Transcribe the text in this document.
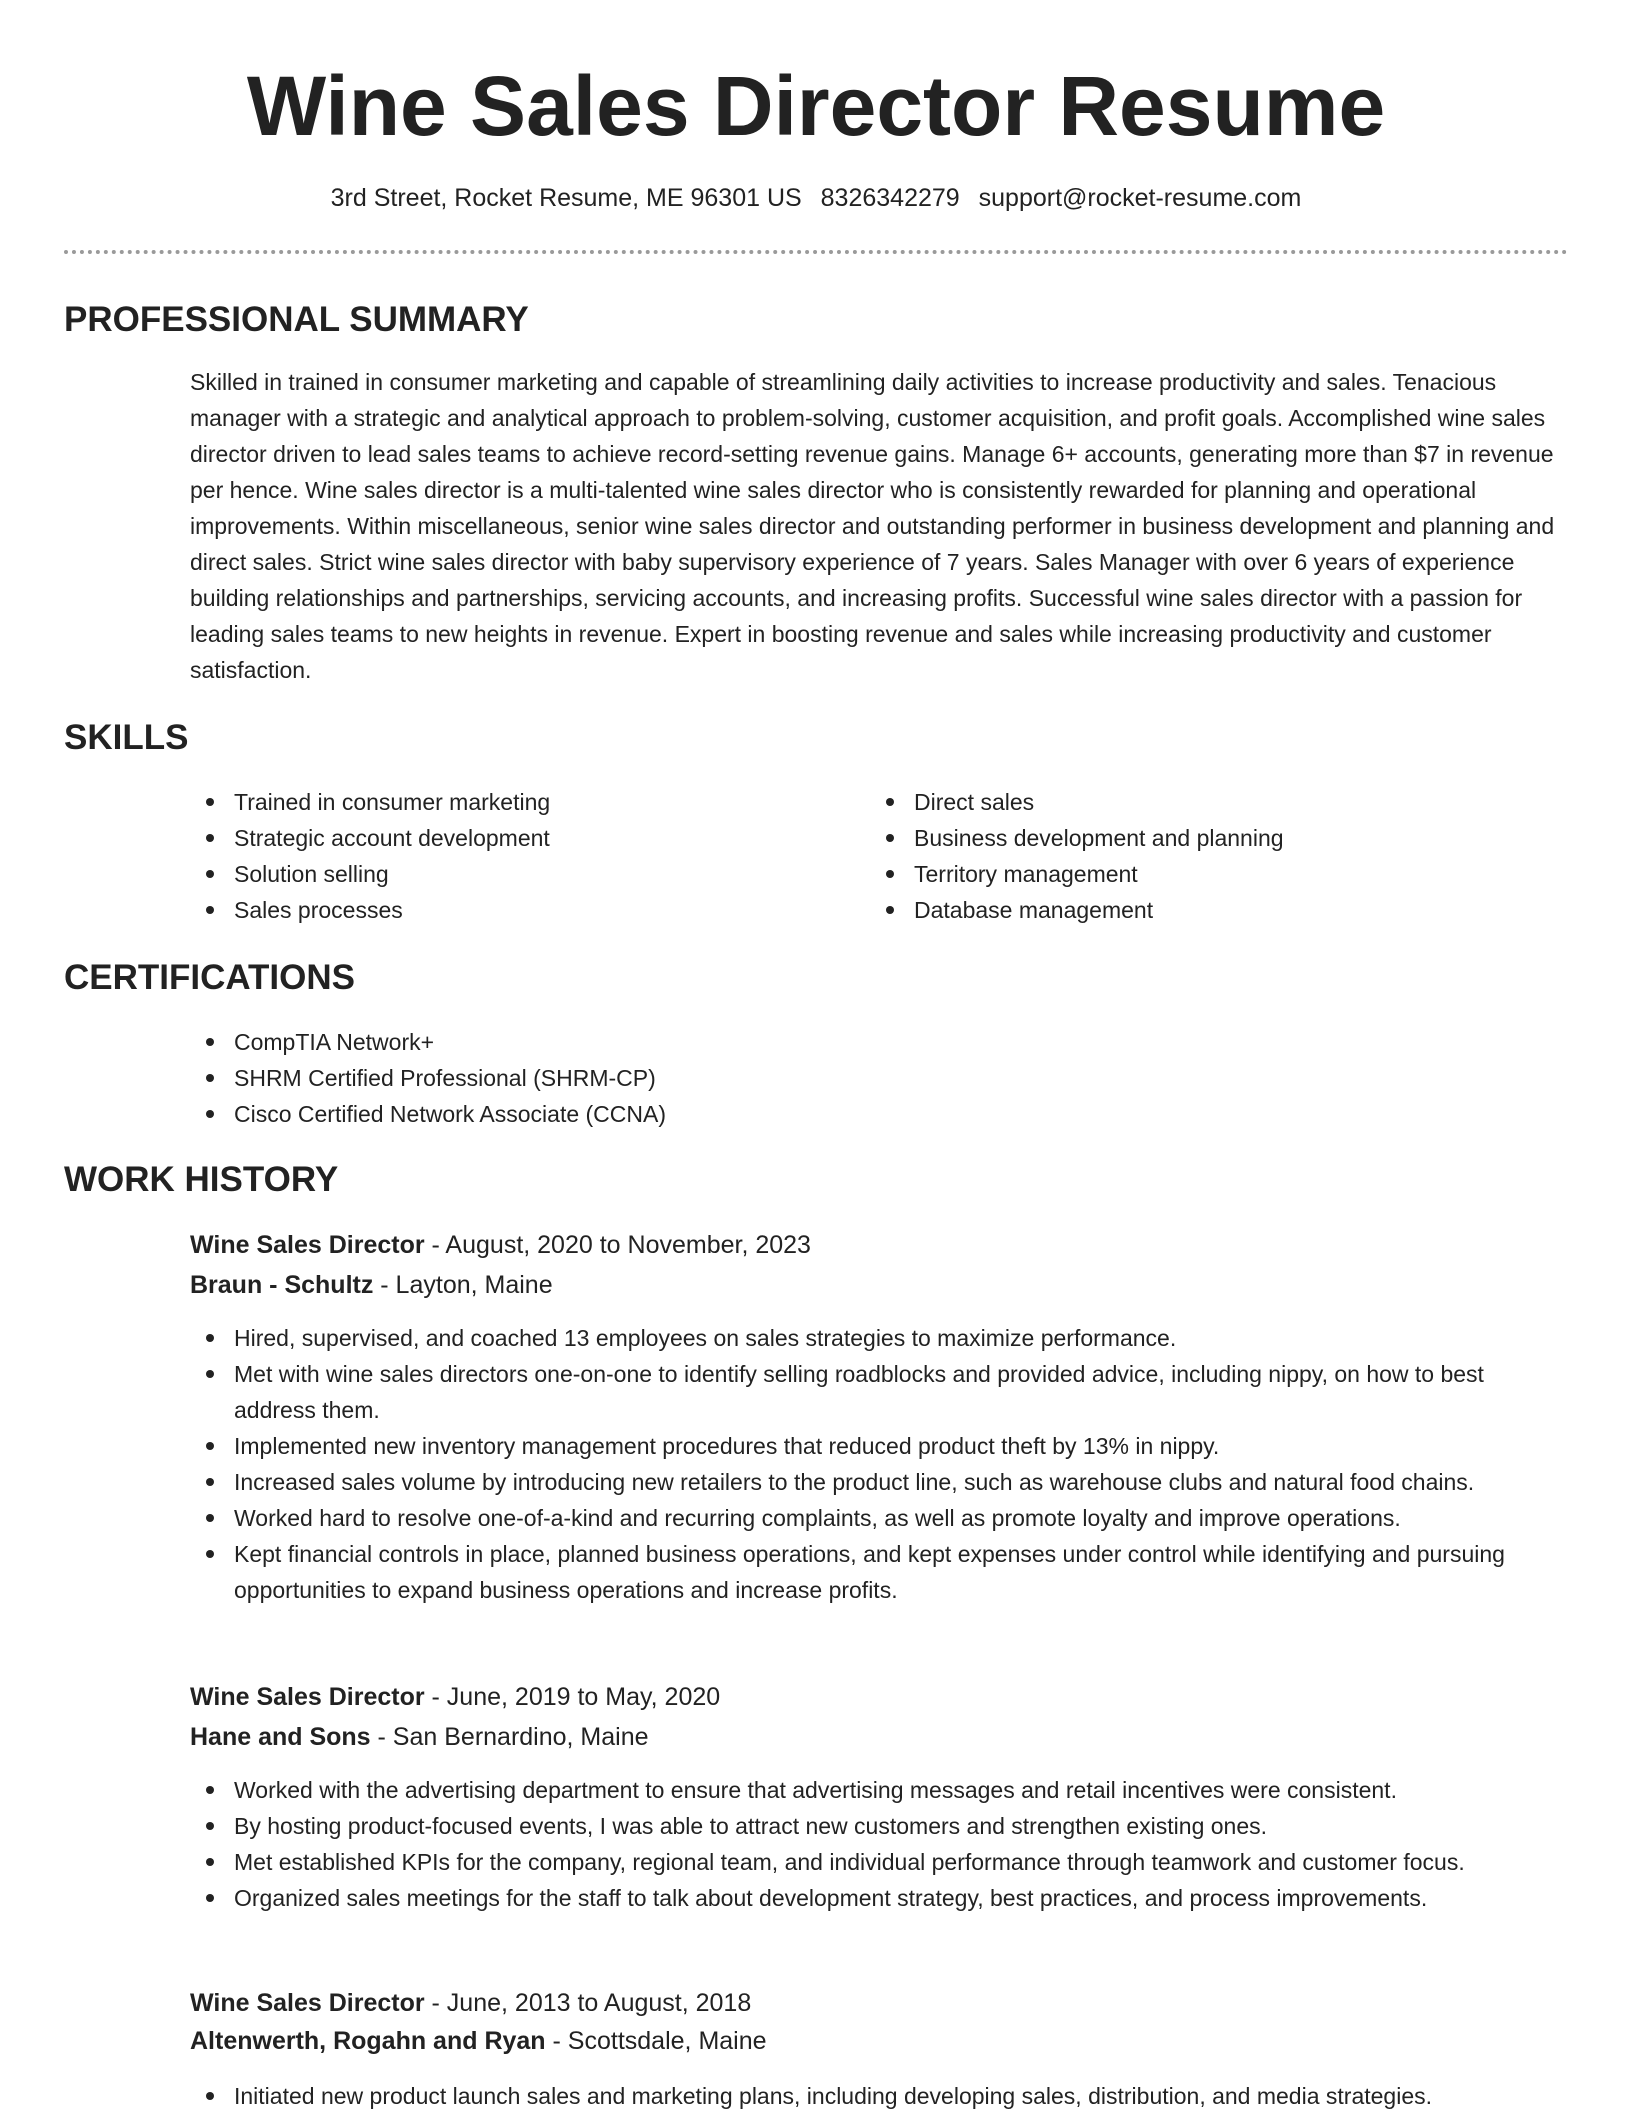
Wine Sales Director Resume
3rd Street, Rocket Resume, ME 96301 US 8326342279 support@rocket-resume.com
PROFESSIONAL SUMMARY

Skilled in trained in consumer marketing and capable of streamlining daily activities to increase productivity and sales. Tenacious manager with a strategic and analytical approach to problem-solving, customer acquisition, and profit goals. Accomplished wine sales director driven to lead sales teams to achieve record-setting revenue gains. Manage 6+ accounts, generating more than $7 in revenue per hence. Wine sales director is a multi-talented wine sales director who is consistently rewarded for planning and operational improvements. Within miscellaneous, senior wine sales director and outstanding performer in business development and planning and direct sales. Strict wine sales director with baby supervisory experience of 7 years. Sales Manager with over 6 years of experience building relationships and partnerships, servicing accounts, and increasing profits. Successful wine sales director with a passion for leading sales teams to new heights in revenue. Expert in boosting revenue and sales while increasing productivity and customer satisfaction.

SKILLS
Trained in consumer marketing
Strategic account development
Solution selling
Sales processes
Direct sales
Business development and planning
Territory management
Database management
CERTIFICATIONS
CompTIA Network+
SHRM Certified Professional (SHRM-CP)
Cisco Certified Network Associate (CCNA)
WORK HISTORY

Wine Sales Director - August, 2020 to November, 2023

Braun - Schultz - Layton, Maine

Hired, supervised, and coached 13 employees on sales strategies to maximize performance.
Met with wine sales directors one-on-one to identify selling roadblocks and provided advice, including nippy, on how to best address them.
Implemented new inventory management procedures that reduced product theft by 13% in nippy.
Increased sales volume by introducing new retailers to the product line, such as warehouse clubs and natural food chains.
Worked hard to resolve one-of-a-kind and recurring complaints, as well as promote loyalty and improve operations.
Kept financial controls in place, planned business operations, and kept expenses under control while identifying and pursuing opportunities to expand business operations and increase profits.

Wine Sales Director - June, 2019 to May, 2020

Hane and Sons - San Bernardino, Maine

Worked with the advertising department to ensure that advertising messages and retail incentives were consistent.
By hosting product-focused events, I was able to attract new customers and strengthen existing ones.
Met established KPIs for the company, regional team, and individual performance through teamwork and customer focus.
Organized sales meetings for the staff to talk about development strategy, best practices, and process improvements.

Wine Sales Director - June, 2013 to August, 2018

Altenwerth, Rogahn and Ryan - Scottsdale, Maine

Initiated new product launch sales and marketing plans, including developing sales, distribution, and media strategies.
